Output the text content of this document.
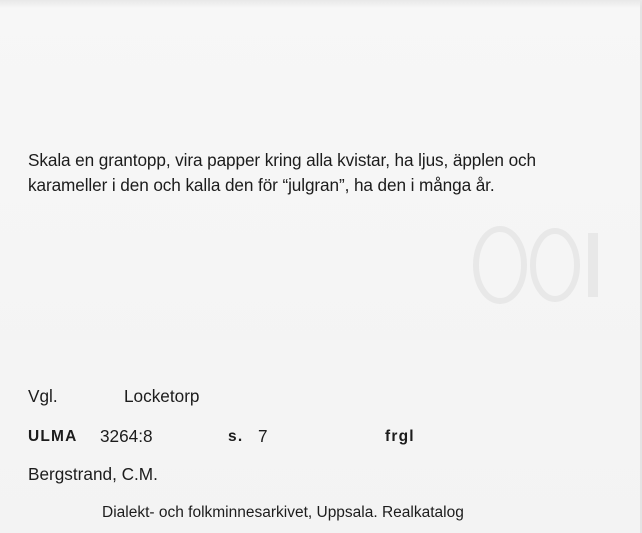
Skala en grantopp, vira papper kring alla kvistar, ha ljus, äpplen och karameller i den och kalla den för “julgran”, ha den i många år.

Vgl.	Locketorp
ULMA 3264:8	s. 7	frgl
Bergstrand, C.M.
Dialekt- och folkminnesarkivet, Uppsala. Realkatalog
